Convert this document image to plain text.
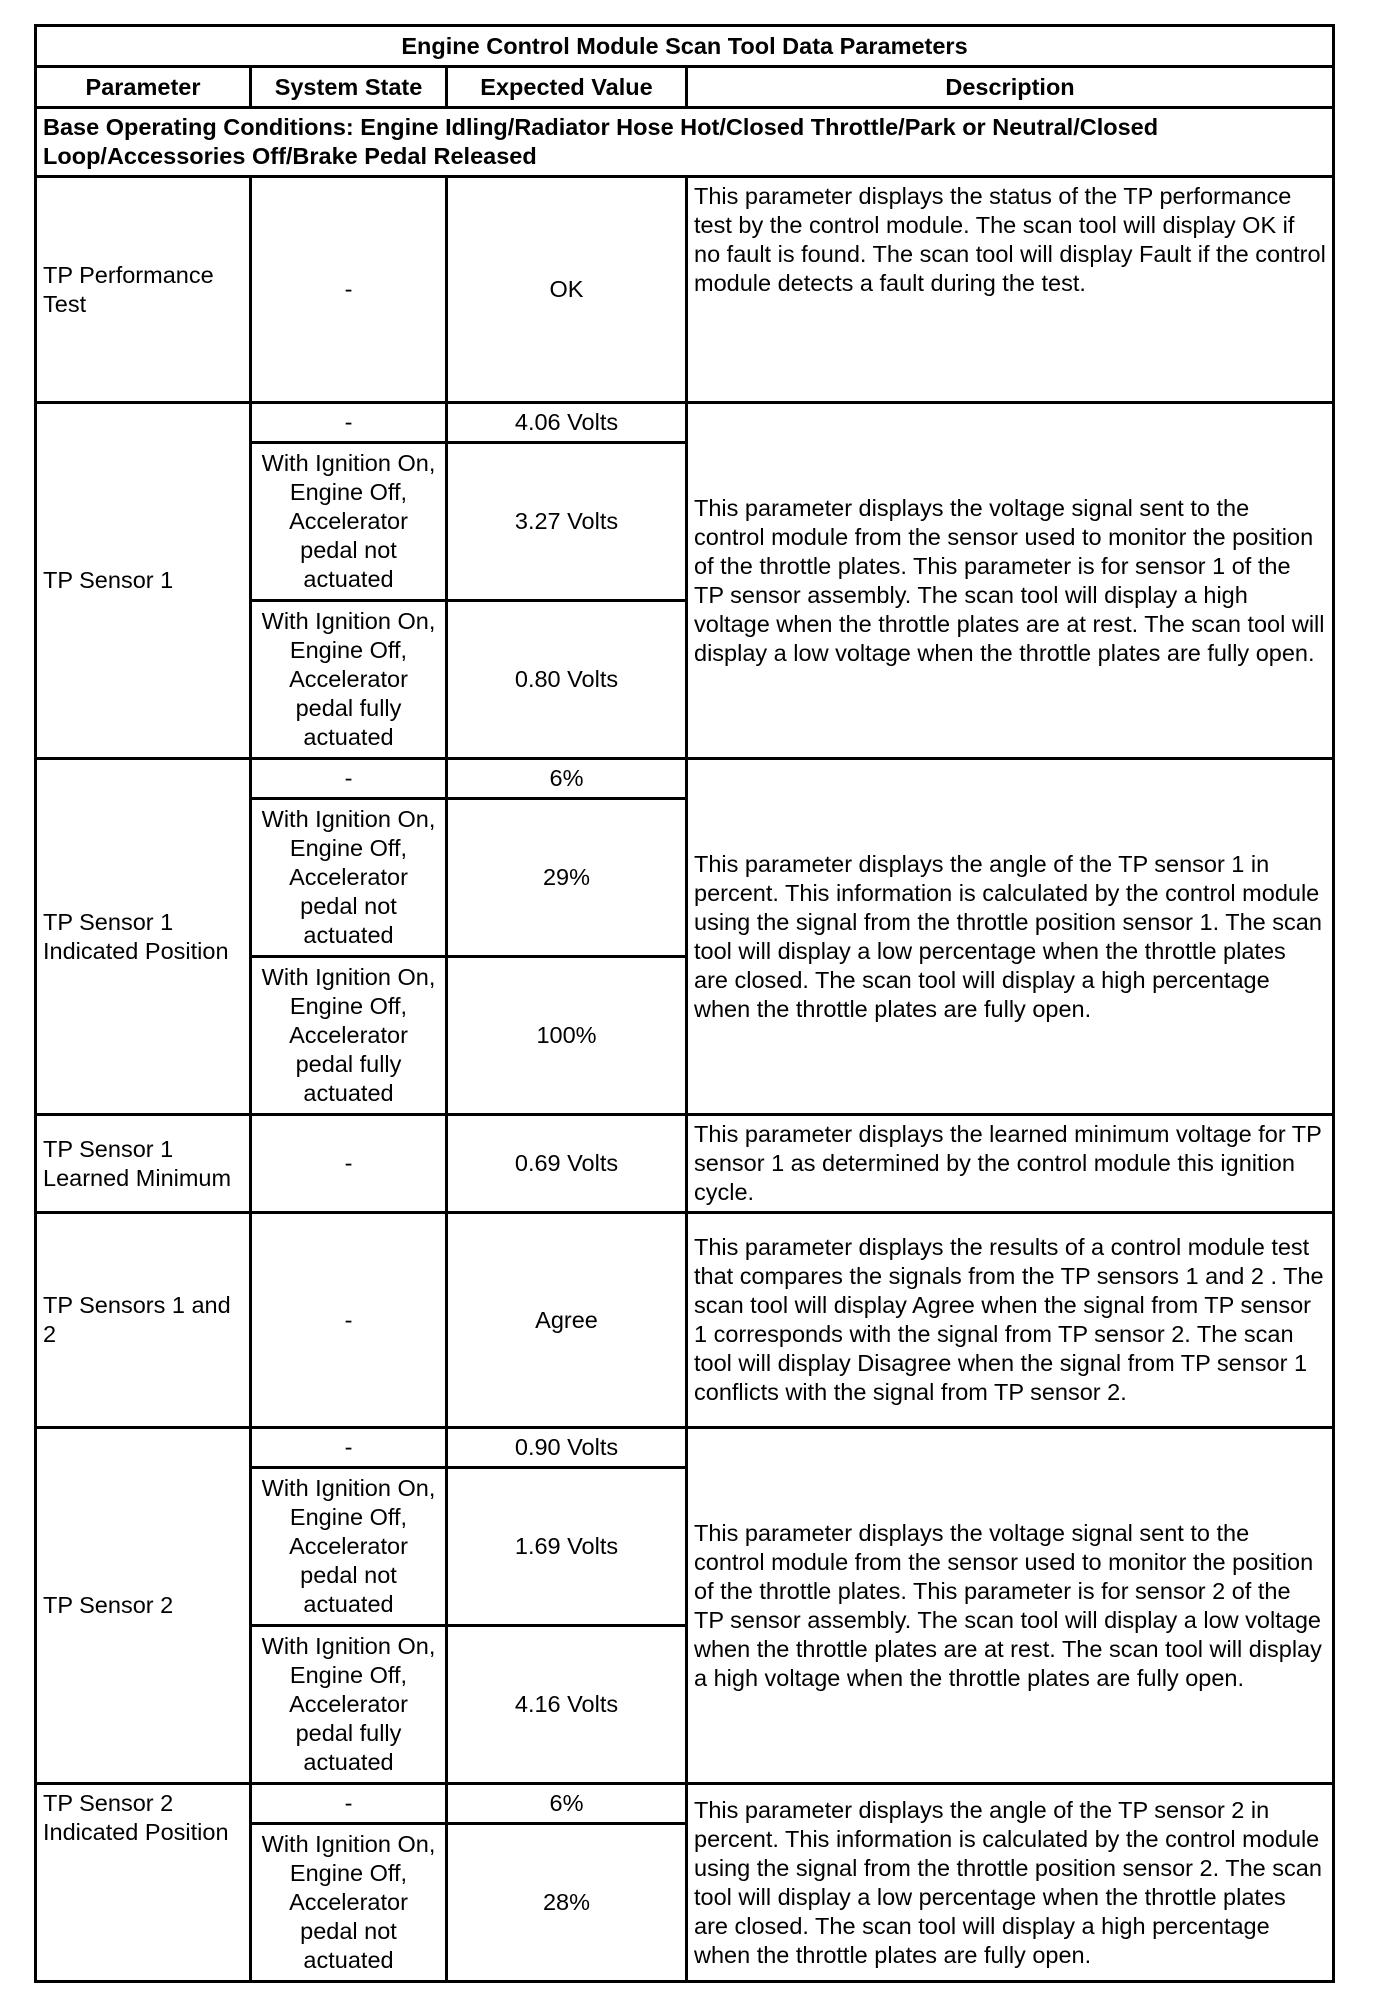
Engine Control Module Scan Tool Data Parameters			
Parameter	System State	Expected Value	Description
Base Operating Conditions: Engine Idling/Radiator Hose Hot/Closed Throttle/Park or Neutral/Closed Loop/Accessories Off/Brake Pedal Released			
TP Performance Test	-	OK	This parameter displays the status of the TP performance test by the control module. The scan tool will display OK if no fault is found. The scan tool will display Fault if the control module detects a fault during the test.
TP Sensor 1	-	4.06 Volts	This parameter displays the voltage signal sent to the control module from the sensor used to monitor the position of the throttle plates. This parameter is for sensor 1 of the TP sensor assembly. The scan tool will display a high voltage when the throttle plates are at rest. The scan tool will display a low voltage when the throttle plates are fully open.
	With Ignition On, Engine Off, Accelerator pedal not actuated	3.27 Volts	
	With Ignition On, Engine Off, Accelerator pedal fully actuated	0.80 Volts	
TP Sensor 1 Indicated Position	-	6%	This parameter displays the angle of the TP sensor 1 in percent. This information is calculated by the control module using the signal from the throttle position sensor 1. The scan tool will display a low percentage when the throttle plates are closed. The scan tool will display a high percentage when the throttle plates are fully open.
	With Ignition On, Engine Off, Accelerator pedal not actuated	29%	
	With Ignition On, Engine Off, Accelerator pedal fully actuated	100%	
TP Sensor 1 Learned Minimum	-	0.69 Volts	This parameter displays the learned minimum voltage for TP sensor 1 as determined by the control module this ignition cycle.
TP Sensors 1 and 2	-	Agree	This parameter displays the results of a control module test that compares the signals from the TP sensors 1 and 2 . The scan tool will display Agree when the signal from TP sensor 1 corresponds with the signal from TP sensor 2. The scan tool will display Disagree when the signal from TP sensor 1 conflicts with the signal from TP sensor 2.
TP Sensor 2	-	0.90 Volts	This parameter displays the voltage signal sent to the control module from the sensor used to monitor the position of the throttle plates. This parameter is for sensor 2 of the TP sensor assembly. The scan tool will display a low voltage when the throttle plates are at rest. The scan tool will display a high voltage when the throttle plates are fully open.
	With Ignition On, Engine Off, Accelerator pedal not actuated	1.69 Volts	
	With Ignition On, Engine Off, Accelerator pedal fully actuated	4.16 Volts	
TP Sensor 2 Indicated Position	-	6%	This parameter displays the angle of the TP sensor 2 in percent. This information is calculated by the control module using the signal from the throttle position sensor 2. The scan tool will display a low percentage when the throttle plates are closed. The scan tool will display a high percentage when the throttle plates are fully open.
	With Ignition On, Engine Off, Accelerator pedal not actuated	28%	
